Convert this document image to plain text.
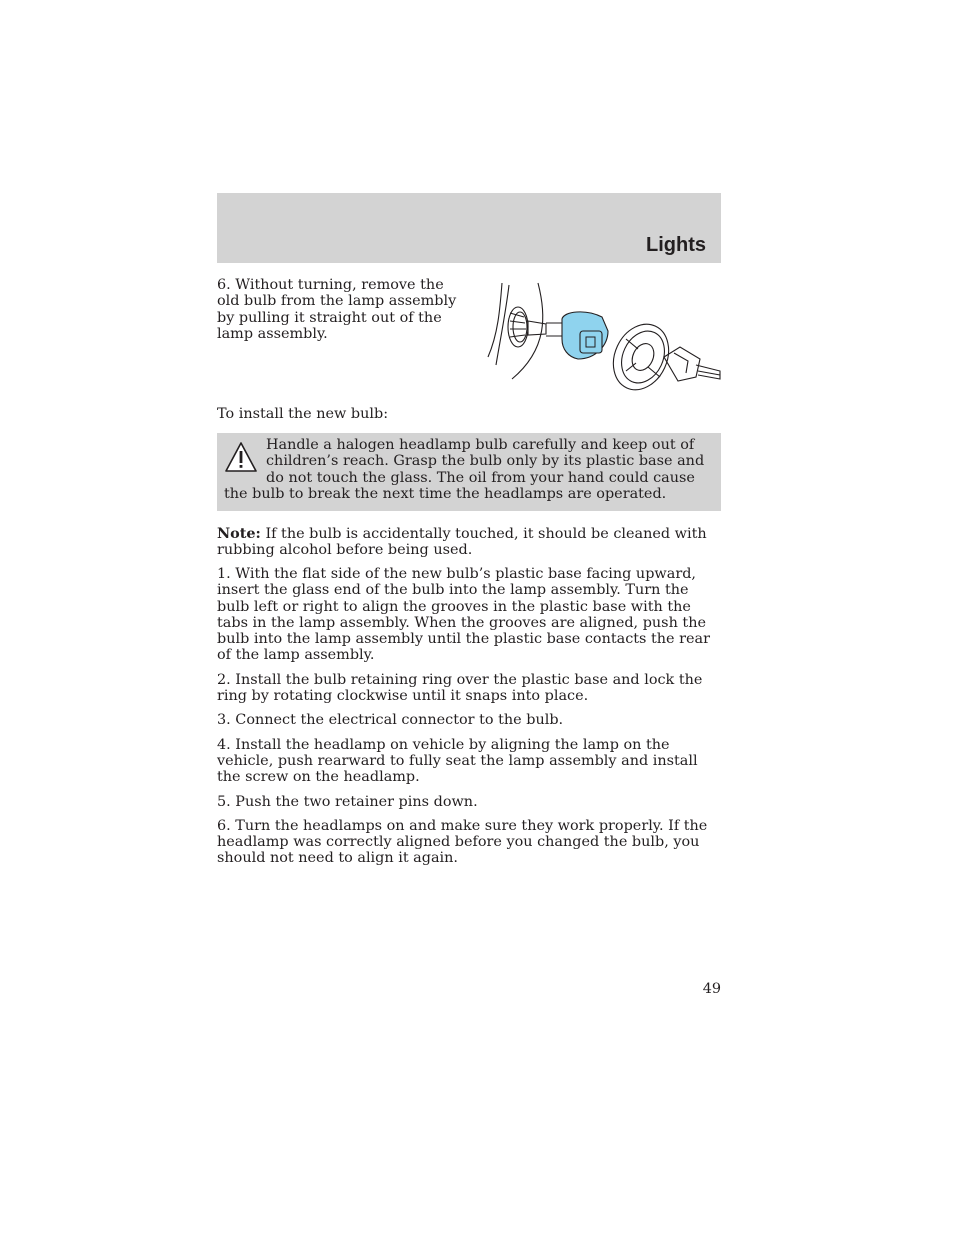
Lights

6. Without turning, remove the old bulb from the lamp assembly by pulling it straight out of the lamp assembly.

To install the new bulb:

Handle a halogen headlamp bulb carefully and keep out of children’s reach. Grasp the bulb only by its plastic base and do not touch the glass. The oil from your hand could cause the bulb to break the next time the headlamps are operated.

Note: If the bulb is accidentally touched, it should be cleaned with rubbing alcohol before being used.

1. With the flat side of the new bulb’s plastic base facing upward, insert the glass end of the bulb into the lamp assembly. Turn the bulb left or right to align the grooves in the plastic base with the tabs in the lamp assembly. When the grooves are aligned, push the bulb into the lamp assembly until the plastic base contacts the rear of the lamp assembly.

2. Install the bulb retaining ring over the plastic base and lock the ring by rotating clockwise until it snaps into place.

3. Connect the electrical connector to the bulb.

4. Install the headlamp on vehicle by aligning the lamp on the vehicle, push rearward to fully seat the lamp assembly and install the screw on the headlamp.

5. Push the two retainer pins down.

6. Turn the headlamps on and make sure they work properly. If the headlamp was correctly aligned before you changed the bulb, you should not need to align it again.

49
